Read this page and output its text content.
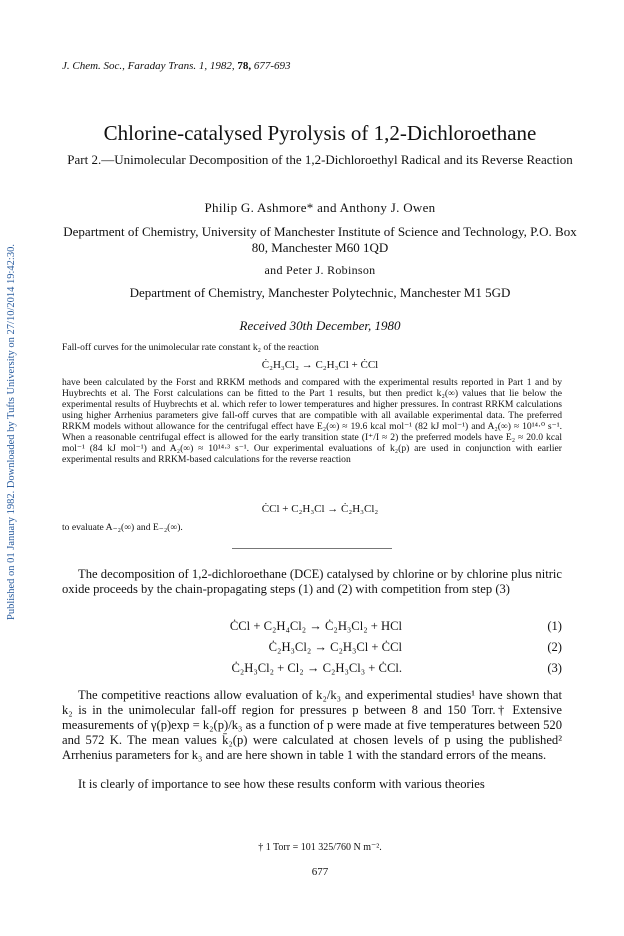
J. Chem. Soc., Faraday Trans. 1, 1982, 78, 677-693
Published on 01 January 1982. Downloaded by Tufts University on 27/10/2014 19:42:30.
Chlorine-catalysed Pyrolysis of 1,2-Dichloroethane
Part 2.—Unimolecular Decomposition of the 1,2-Dichloroethyl Radical and its Reverse Reaction
Philip G. Ashmore* and Anthony J. Owen
Department of Chemistry, University of Manchester Institute of Science and Technology, P.O. Box 80, Manchester M60 1QD
and Peter J. Robinson
Department of Chemistry, Manchester Polytechnic, Manchester M1 5GD
Received 30th December, 1980
Fall-off curves for the unimolecular rate constant k₂ of the reaction
Ċ₂H₃Cl₂ → C₂H₃Cl + ĊCl
have been calculated by the Forst and RRKM methods and compared with the experimental results reported in Part 1 and by Huybrechts et al. The Forst calculations can be fitted to the Part 1 results, but then predict k₂(∞) values that lie below the experimental results of Huybrechts et al. which refer to lower temperatures and higher pressures. In contrast RRKM calculations using higher Arrhenius parameters give fall-off curves that are compatible with all available experimental data. The preferred RRKM models without allowance for the centrifugal effect have E₂(∞) ≈ 19.6 kcal mol⁻¹ (82 kJ mol⁻¹) and A₂(∞) ≈ 10¹⁴·⁰ s⁻¹. When a reasonable centrifugal effect is allowed for the early transition state (I⁺/I ≈ 2) the preferred models have E₂ ≈ 20.0 kcal mol⁻¹ (84 kJ mol⁻¹) and A₂(∞) ≈ 10¹⁴·³ s⁻¹. Our experimental evaluations of k₂(p) are used in conjunction with earlier experimental results and RRKM-based calculations for the reverse reaction
ĊCl + C₂H₃Cl → Ċ₂H₃Cl₂
to evaluate A₋₂(∞) and E₋₂(∞).
The decomposition of 1,2-dichloroethane (DCE) catalysed by chlorine or by chlorine plus nitric oxide proceeds by the chain-propagating steps (1) and (2) with competition from step (3)
ĊCl + C₂H₄Cl₂ → Ċ₂H₃Cl₂ + HCl	(1)
Ċ₂H₃Cl₂ → C₂H₃Cl + ĊCl	(2)
Ċ₂H₃Cl₂ + Cl₂ → C₂H₃Cl₃ + ĊCl.	(3)
The competitive reactions allow evaluation of k₂/k₃ and experimental studies¹ have shown that k₂ is in the unimolecular fall-off region for pressures p between 8 and 150 Torr.† Extensive measurements of γ(p)exp = k₂(p)/k₃ as a function of p were made at five temperatures between 520 and 572 K. The mean values k̄₂(p) were calculated at chosen levels of p using the published² Arrhenius parameters for k₃ and are here shown in table 1 with the standard errors of the means.
It is clearly of importance to see how these results conform with various theories
† 1 Torr = 101 325/760 N m⁻².
677
